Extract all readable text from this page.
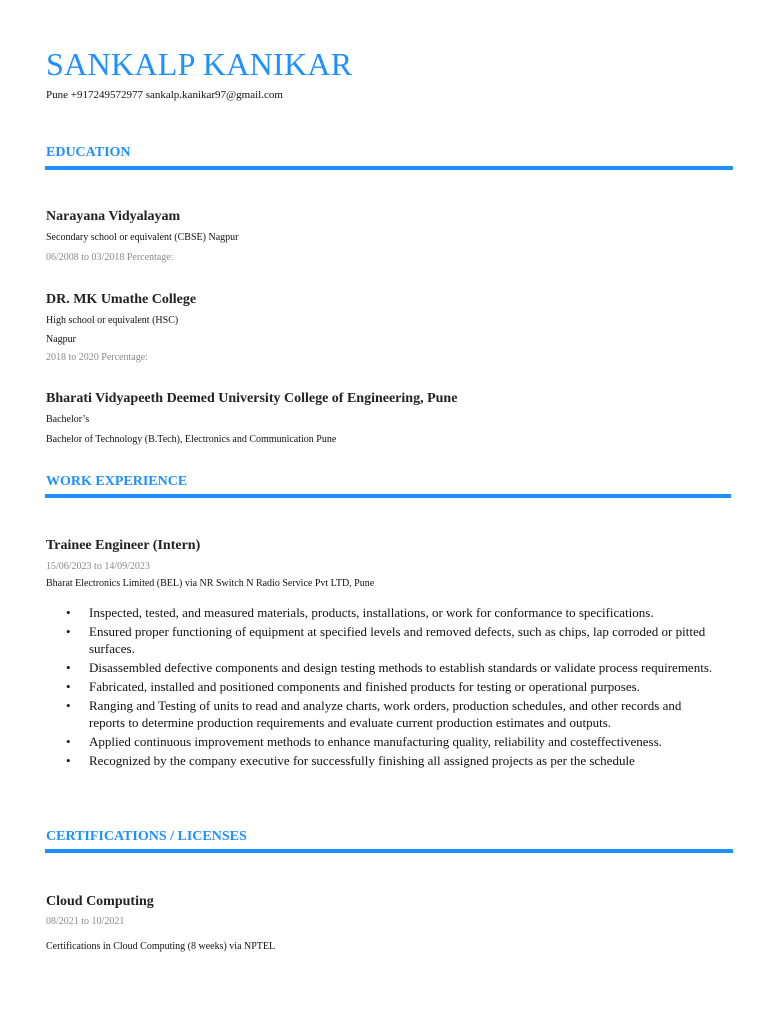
SANKALP KANIKAR
Pune +917249572977 sankalp.kanikar97@gmail.com
EDUCATION
Narayana Vidyalayam
Secondary school or equivalent (CBSE) Nagpur
06/2008 to 03/2018 Percentage:
DR. MK Umathe College
High school or equivalent (HSC)
Nagpur
2018 to 2020 Percentage:
Bharati Vidyapeeth Deemed University College of Engineering, Pune
Bachelor’s
Bachelor of Technology (B.Tech), Electronics and Communication Pune
WORK EXPERIENCE
Trainee Engineer (Intern)
15/06/2023 to 14/09/2023
Bharat Electronics Limited (BEL) via NR Switch N Radio Service Pvt LTD, Pune
• Inspected, tested, and measured materials, products, installations, or work for conformance to specifications.
• Ensured proper functioning of equipment at specified levels and removed defects, such as chips, lap corroded or pitted surfaces.
• Disassembled defective components and design testing methods to establish standards or validate process requirements.
• Fabricated, installed and positioned components and finished products for testing or operational purposes.
• Ranging and Testing of units to read and analyze charts, work orders, production schedules, and other records and reports to determine production requirements and evaluate current production estimates and outputs.
• Applied continuous improvement methods to enhance manufacturing quality, reliability and costeffectiveness.
• Recognized by the company executive for successfully finishing all assigned projects as per the schedule
CERTIFICATIONS / LICENSES
Cloud Computing
08/2021 to 10/2021
Certifications in Cloud Computing (8 weeks) via NPTEL
